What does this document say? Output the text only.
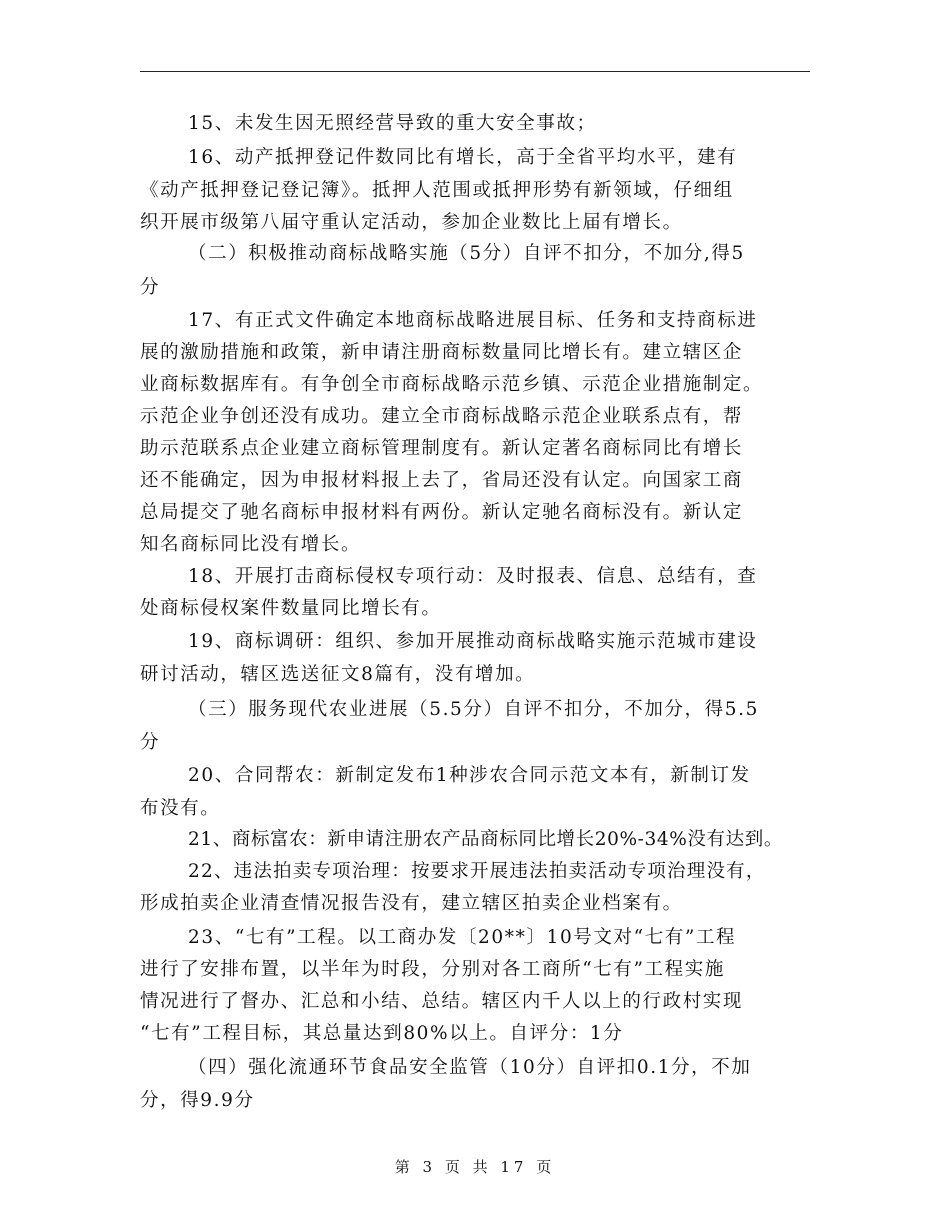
15、未发生因无照经营导致的重大安全事故；

16、动产抵押登记件数同比有增长，高于全省平均水平，建有

《动产抵押登记登记簿》。抵押人范围或抵押形势有新领域，仔细组

织开展市级第八届守重认定活动，参加企业数比上届有增长。

（二）积极推动商标战略实施（5分）自评不扣分，不加分,得5

分

17、有正式文件确定本地商标战略进展目标、任务和支持商标进

展的激励措施和政策，新申请注册商标数量同比增长有。建立辖区企

业商标数据库有。有争创全市商标战略示范乡镇、示范企业措施制定。

示范企业争创还没有成功。建立全市商标战略示范企业联系点有，帮

助示范联系点企业建立商标管理制度有。新认定著名商标同比有增长

还不能确定，因为申报材料报上去了，省局还没有认定。向国家工商

总局提交了驰名商标申报材料有两份。新认定驰名商标没有。新认定

知名商标同比没有增长。

18、开展打击商标侵权专项行动：及时报表、信息、总结有，查

处商标侵权案件数量同比增长有。

19、商标调研：组织、参加开展推动商标战略实施示范城市建设

研讨活动，辖区选送征文8篇有，没有增加。

（三）服务现代农业进展（5.5分）自评不扣分，不加分，得5.5

分

20、合同帮农：新制定发布1种涉农合同示范文本有，新制订发

布没有。

21、商标富农：新申请注册农产品商标同比增长20%-34%没有达到。

22、违法拍卖专项治理：按要求开展违法拍卖活动专项治理没有，

形成拍卖企业清查情况报告没有，建立辖区拍卖企业档案有。

23、“七有”工程。以工商办发〔20**〕10号文对“七有”工程

进行了安排布置，以半年为时段，分别对各工商所“七有”工程实施

情况进行了督办、汇总和小结、总结。辖区内千人以上的行政村实现

“七有”工程目标，其总量达到80%以上。自评分：1分

（四）强化流通环节食品安全监管（10分）自评扣0.1分，不加

分，得9.9分

第 3 页 共 17 页
